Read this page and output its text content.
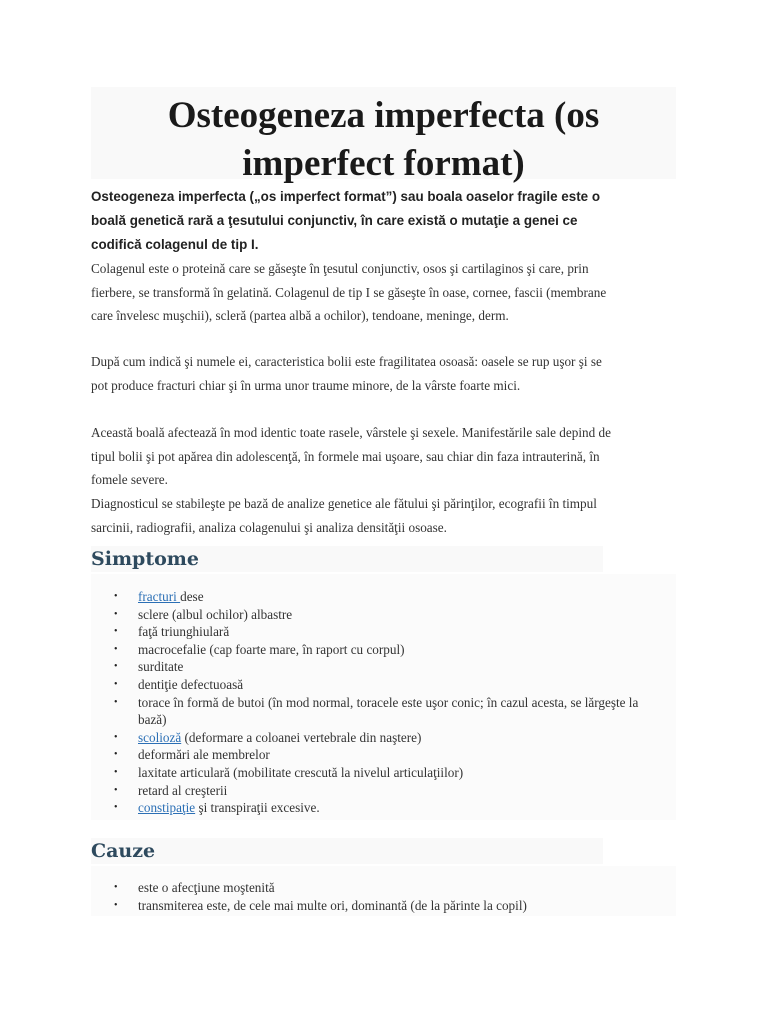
Osteogeneza imperfecta (os imperfect format)

Osteogeneza imperfecta („os imperfect format”) sau boala oaselor fragile este o boală genetică rară a ţesutului conjunctiv, în care există o mutaţie a genei ce codifică colagenul de tip I.

Colagenul este o proteină care se găseşte în ţesutul conjunctiv, osos şi cartilaginos şi care, prin fierbere, se transformă în gelatină. Colagenul de tip I se găseşte în oase, cornee, fascii (membrane care învelesc muşchii), scleră (partea albă a ochilor), tendoane, meninge, derm.

După cum indică şi numele ei, caracteristica bolii este fragilitatea osoasă: oasele se rup uşor şi se pot produce fracturi chiar şi în urma unor traume minore, de la vârste foarte mici.

Această boală afectează în mod identic toate rasele, vârstele şi sexele. Manifestările sale depind de tipul bolii şi pot apărea din adolescenţă, în formele mai uşoare, sau chiar din faza intrauterină, în fomele severe.

Diagnosticul se stabileşte pe bază de analize genetice ale fătului şi părinţilor, ecografii în timpul sarcinii, radiografii, analiza colagenului şi analiza densităţii osoase.

Simptome
• fracturi dese
• sclere (albul ochilor) albastre
• faţă triunghiulară
• macrocefalie (cap foarte mare, în raport cu corpul)
• surditate
• dentiţie defectuoasă
• torace în formă de butoi (în mod normal, toracele este uşor conic; în cazul acesta, se lărgeşte la bază)
• scolioză (deformare a coloanei vertebrale din naştere)
• deformări ale membrelor
• laxitate articulară (mobilitate crescută la nivelul articulaţiilor)
• retard al creşterii
• constipaţie şi transpiraţii excesive.
Cauze
• este o afecţiune moştenită
• transmiterea este, de cele mai multe ori, dominantă (de la părinte la copil)
